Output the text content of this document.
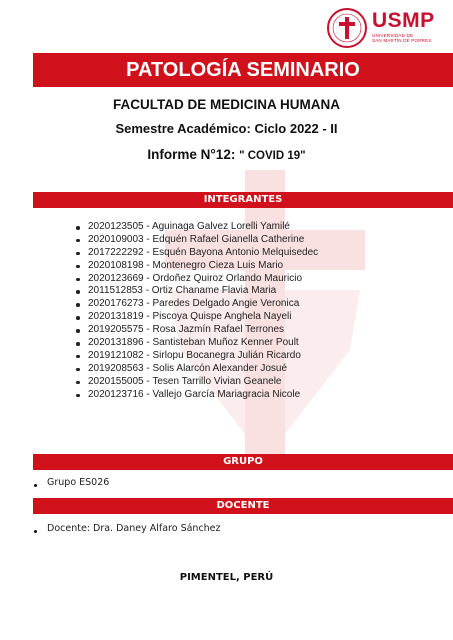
USMP
UNIVERSIDAD DE
SAN MARTÍN DE PORRES
PATOLOGÍA SEMINARIO
FACULTAD DE MEDICINA HUMANA
Semestre Académico: Ciclo 2022 - II
Informe N°12: " COVID 19"
INTEGRANTES
2020123505 - Aguinaga Galvez Lorelli Yamilé
2020109003 - Edquén Rafael Gianella Catherine
2017222292 - Esquén Bayona Antonio Melquisedec
2020108198 - Montenegro Cieza Luis Mario
2020123669 - Ordoñez Quiroz Orlando Mauricio
2011512853 - Ortiz Chaname Flavia Maria
2020176273 - Paredes Delgado Angie Veronica
2020131819 - Piscoya Quispe Anghela Nayeli
2019205575 - Rosa Jazmín Rafael Terrones
2020131896 - Santisteban Muñoz Kenner Poult
2019121082 - Sirlopu Bocanegra Julián Ricardo
2019208563 - Solis Alarcón Alexander Josué
2020155005 - Tesen Tarrillo Vivian Geanele
2020123716 - Vallejo García Mariagracia Nicole
GRUPO
Grupo ES026
DOCENTE
Docente: Dra. Daney Alfaro Sánchez
PIMENTEL, PERÚ
